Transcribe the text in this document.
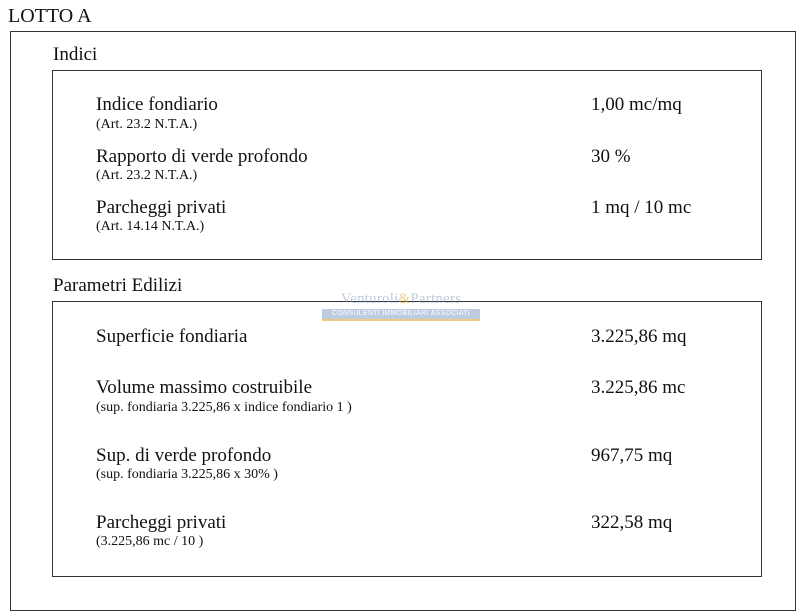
LOTTO A
Indici
Indice fondiario
(Art. 23.2 N.T.A.)
1,00 mc/mq
Rapporto di verde profondo
(Art. 23.2 N.T.A.)
30 %
Parcheggi privati
(Art. 14.14 N.T.A.)
1 mq / 10 mc
Parametri Edilizi
Superficie fondiaria	3.225,86 mq
Volume massimo costruibile
(sup. fondiaria 3.225,86 x indice fondiario 1 )
3.225,86 mc
Sup. di verde profondo
(sup. fondiaria 3.225,86 x 30% )
967,75 mq
Parcheggi privati
(3.225,86 mc / 10 )
322,58 mq
Venturoli&Partners
CONSULENTI IMMOBILIARI ASSOCIATI
